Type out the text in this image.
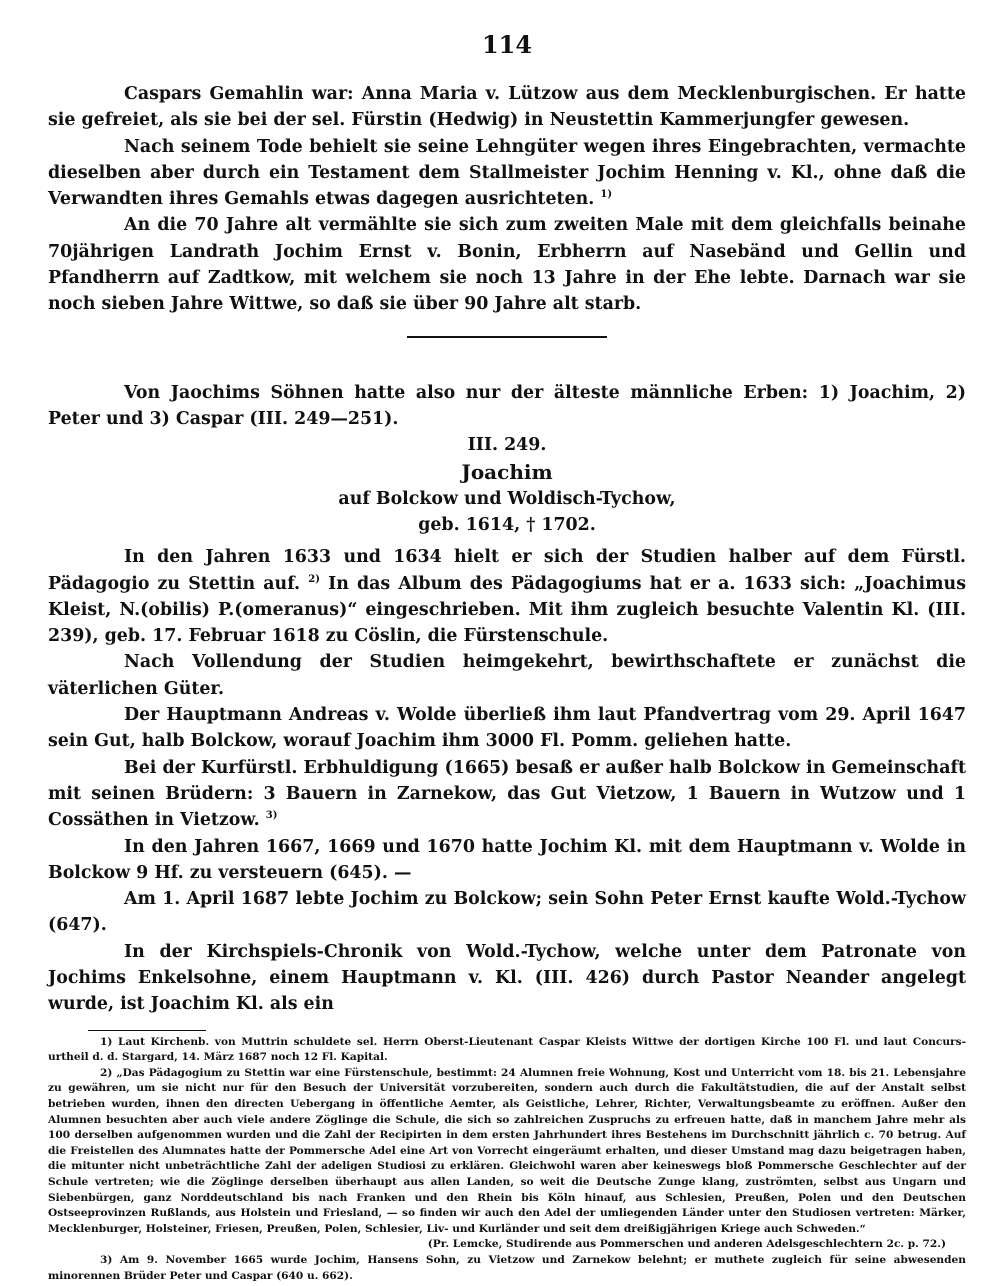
114

Caspars Gemahlin war: Anna Maria v. Lützow aus dem Mecklenburgischen. Er hatte sie gefreiet, als sie bei der sel. Fürstin (Hedwig) in Neustettin Kammerjungfer gewesen.

Nach seinem Tode behielt sie seine Lehngüter wegen ihres Eingebrachten, vermachte dieselben aber durch ein Testament dem Stallmeister Jochim Henning v. Kl., ohne daß die Verwandten ihres Gemahls etwas dagegen ausrichteten. $^{1)}$

An die 70 Jahre alt vermählte sie sich zum zweiten Male mit dem gleichfalls beinahe 70jährigen Landrath Jochim Ernst v. Bonin, Erbherrn auf Nasebänd und Gellin und Pfandherrn auf Zadtkow, mit welchem sie noch 13 Jahre in der Ehe lebte. Darnach war sie noch sieben Jahre Wittwe, so daß sie über 90 Jahre alt starb.

Von Jaochims Söhnen hatte also nur der älteste männliche Erben: 1) Joachim, 2) Peter und 3) Caspar (III. 249—251).

III. 249.
Joachim
auf Bolckow und Woldisch-Tychow,
geb. 1614, † 1702.

In den Jahren 1633 und 1634 hielt er sich der Studien halber auf dem Fürstl. Pädagogio zu Stettin auf. $^{2)}$ In das Album des Pädagogiums hat er a. 1633 sich: „Joachimus Kleist, N.(obilis) P.(omeranus)“ eingeschrieben. Mit ihm zugleich besuchte Valentin Kl. (III. 239), geb. 17. Februar 1618 zu Cöslin, die Fürstenschule.

Nach Vollendung der Studien heimgekehrt, bewirthschaftete er zunächst die väterlichen Güter.

Der Hauptmann Andreas v. Wolde überließ ihm laut Pfandvertrag vom 29. April 1647 sein Gut, halb Bolckow, worauf Joachim ihm 3000 Fl. Pomm. geliehen hatte.

Bei der Kurfürstl. Erbhuldigung (1665) besaß er außer halb Bolckow in Gemeinschaft mit seinen Brüdern: 3 Bauern in Zarnekow, das Gut Vietzow, 1 Bauern in Wutzow und 1 Cossäthen in Vietzow. $^{3)}$

In den Jahren 1667, 1669 und 1670 hatte Jochim Kl. mit dem Hauptmann v. Wolde in Bolckow 9 Hf. zu versteuern (645). —

Am 1. April 1687 lebte Jochim zu Bolckow; sein Sohn Peter Ernst kaufte Wold.-Tychow (647).

In der Kirchspiels-Chronik von Wold.-Tychow, welche unter dem Patronate von Jochims Enkelsohne, einem Hauptmann v. Kl. (III. 426) durch Pastor Neander angelegt wurde, ist Joachim Kl. als ein

1) Laut Kirchenb. von Muttrin schuldete sel. Herrn Oberst-Lieutenant Caspar Kleists Wittwe der dortigen Kirche 100 Fl. und laut Concurs-urtheil d. d. Stargard, 14. März 1687 noch 12 Fl. Kapital.

2) „Das Pädagogium zu Stettin war eine Fürstenschule, bestimmt: 24 Alumnen freie Wohnung, Kost und Unterricht vom 18. bis 21. Lebensjahre zu gewähren, um sie nicht nur für den Besuch der Universität vorzubereiten, sondern auch durch die Fakultätstudien, die auf der Anstalt selbst betrieben wurden, ihnen den directen Uebergang in öffentliche Aemter, als Geistliche, Lehrer, Richter, Verwaltungsbeamte zu eröffnen. Außer den Alumnen besuchten aber auch viele andere Zöglinge die Schule, die sich so zahlreichen Zuspruchs zu erfreuen hatte, daß in manchem Jahre mehr als 100 derselben aufgenommen wurden und die Zahl der Recipirten in dem ersten Jahrhundert ihres Bestehens im Durchschnitt jährlich c. 70 betrug. Auf die Freistellen des Alumnates hatte der Pommersche Adel eine Art von Vorrecht eingeräumt erhalten, und dieser Umstand mag dazu beigetragen haben, die mitunter nicht unbeträchtliche Zahl der adeligen Studiosi zu erklären. Gleichwohl waren aber keineswegs bloß Pommersche Geschlechter auf der Schule vertreten; wie die Zöglinge derselben überhaupt aus allen Landen, so weit die Deutsche Zunge klang, zuströmten, selbst aus Ungarn und Siebenbürgen, ganz Norddeutschland bis nach Franken und den Rhein bis Köln hinauf, aus Schlesien, Preußen, Polen und den Deutschen Ostseeprovinzen Rußlands, aus Holstein und Friesland, — so finden wir auch den Adel der umliegenden Länder unter den Studiosen vertreten: Märker, Mecklenburger, Holsteiner, Friesen, Preußen, Polen, Schlesier, Liv- und Kurländer und seit dem dreißigjährigen Kriege auch Schweden.“

(Pr. Lemcke, Studirende aus Pommerschen und anderen Adelsgeschlechtern 2c. p. 72.)

3) Am 9. November 1665 wurde Jochim, Hansens Sohn, zu Vietzow und Zarnekow belehnt; er muthete zugleich für seine abwesenden minorennen Brüder Peter und Caspar (640 u. 662).
